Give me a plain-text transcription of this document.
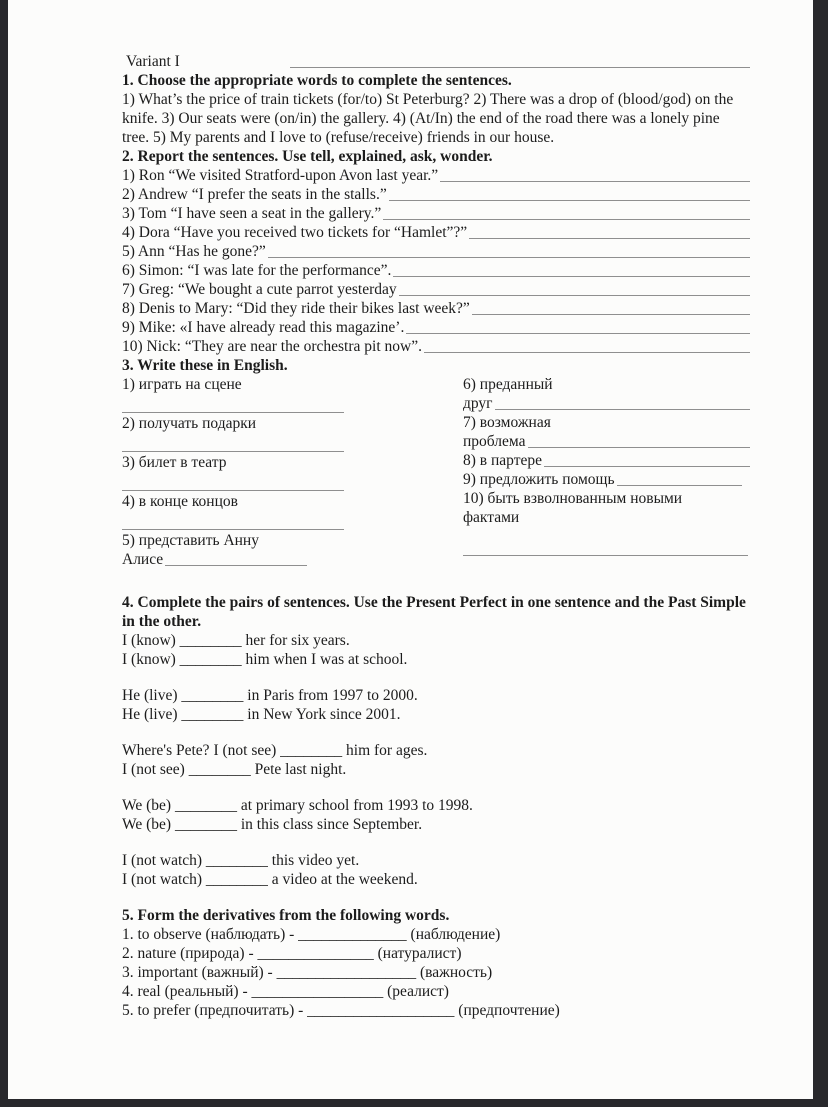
Variant I

1. Choose the appropriate words to complete the sentences.

1) What’s the price of train tickets (for/to) St Peterburg? 2) There was a drop of (blood/god) on the knife. 3) Our seats were (on/in) the gallery. 4) (At/In) the end of the road there was a lonely pine tree. 5) My parents and I love to (refuse/receive) friends in our house.

2. Report the sentences. Use tell, explained, ask, wonder.

1) Ron “We visited Stratford-upon Avon last year.”
2) Andrew “I prefer the seats in the stalls.”
3) Tom “I have seen a seat in the gallery.”
4) Dora “Have you received two tickets for “Hamlet”?”
5) Ann “Has he gone?”
6) Simon: “I was late for the performance”.
7) Greg: “We bought a cute parrot yesterday
8) Denis to Mary: “Did they ride their bikes last week?”
9) Mike: «I have already read this magazine’.
10) Nick: “They are near the orchestra pit now”.

3. Write these in English.

1) играть на сцене
2) получать подарки
3) билет в театр
4) в конце концов
5) представить Анну
Алисе
6) преданный
друг
7) возможная
проблема
8) в партере
9) предложить помощь
10) быть взволнованным новыми
фактами

4. Complete the pairs of sentences. Use the Present Perfect in one sentence and the Past Simple in the other.

I (know) ________ her for six years.
I (know) ________ him when I was at school.
He (live) ________ in Paris from 1997 to 2000.
He (live) ________ in New York since 2001.
Where's Pete? I (not see) ________ him for ages.
I (not see) ________ Pete last night.
We (be) ________ at primary school from 1993 to 1998.
We (be) ________ in this class since September.
I (not watch) ________ this video yet.
I (not watch) ________ a video at the weekend.

5. Form the derivatives from the following words.

1. to observe (наблюдать) - ______________ (наблюдение)
2. nature (природа) - _______________ (натуралист)
3. important (важный) - __________________ (важность)
4. real (реальный) - _________________ (реалист)
5. to prefer (предпочитать) - ___________________ (предпочтение)
